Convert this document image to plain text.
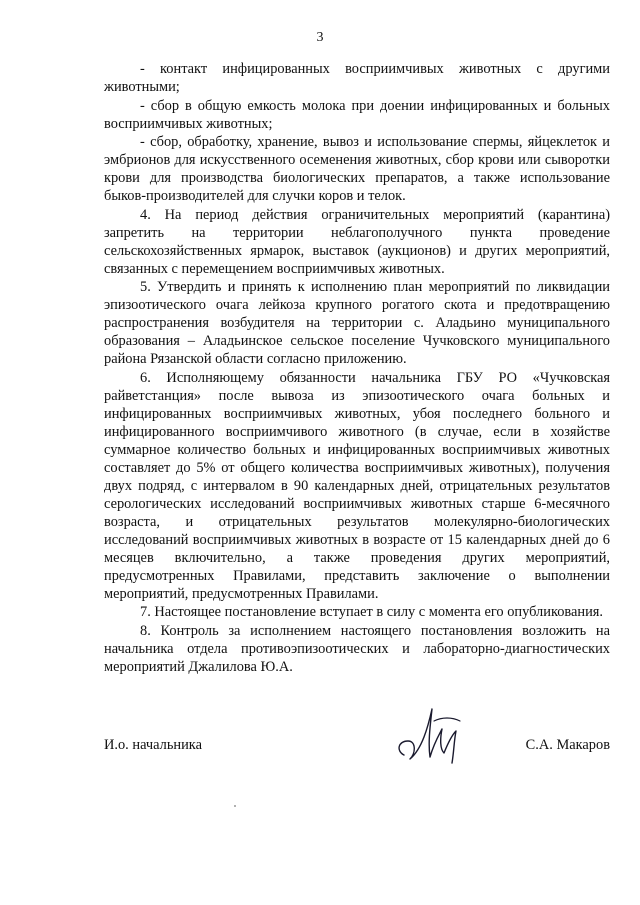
3

- контакт инфицированных восприимчивых животных с другими животными;

- сбор в общую емкость молока при доении инфицированных и больных восприимчивых животных;

- сбор, обработку, хранение, вывоз и использование спермы, яйцеклеток и эмбрионов для искусственного осеменения животных, сбор крови или сыворотки крови для производства биологических препаратов, а также использование быков-производителей для случки коров и телок.

4. На период действия ограничительных мероприятий (карантина) запретить на территории неблагополучного пункта проведение сельскохозяйственных ярмарок, выставок (аукционов) и других мероприятий, связанных с перемещением восприимчивых животных.

5. Утвердить и принять к исполнению план мероприятий по ликвидации эпизоотического очага лейкоза крупного рогатого скота и предотвращению распространения возбудителя на территории с. Аладьино муниципального образования – Аладьинское сельское поселение Чучковского муниципального района Рязанской области согласно приложению.

6. Исполняющему обязанности начальника ГБУ РО «Чучковская райветстанция» после вывоза из эпизоотического очага больных и инфицированных восприимчивых животных, убоя последнего больного и инфицированного восприимчивого животного (в случае, если в хозяйстве суммарное количество больных и инфицированных восприимчивых животных составляет до 5% от общего количества восприимчивых животных), получения двух подряд, с интервалом в 90 календарных дней, отрицательных результатов серологических исследований восприимчивых животных старше 6-месячного возраста, и отрицательных результатов молекулярно-биологических исследований восприимчивых животных в возрасте от 15 календарных дней до 6 месяцев включительно, а также проведения других мероприятий, предусмотренных Правилами, представить заключение о выполнении мероприятий, предусмотренных Правилами.

7. Настоящее постановление вступает в силу с момента его опубликования.

8. Контроль за исполнением настоящего постановления возложить на начальника отдела противоэпизоотических и лабораторно-диагностических мероприятий Джалилова Ю.А.

И.о. начальника	С.А. Макаров
